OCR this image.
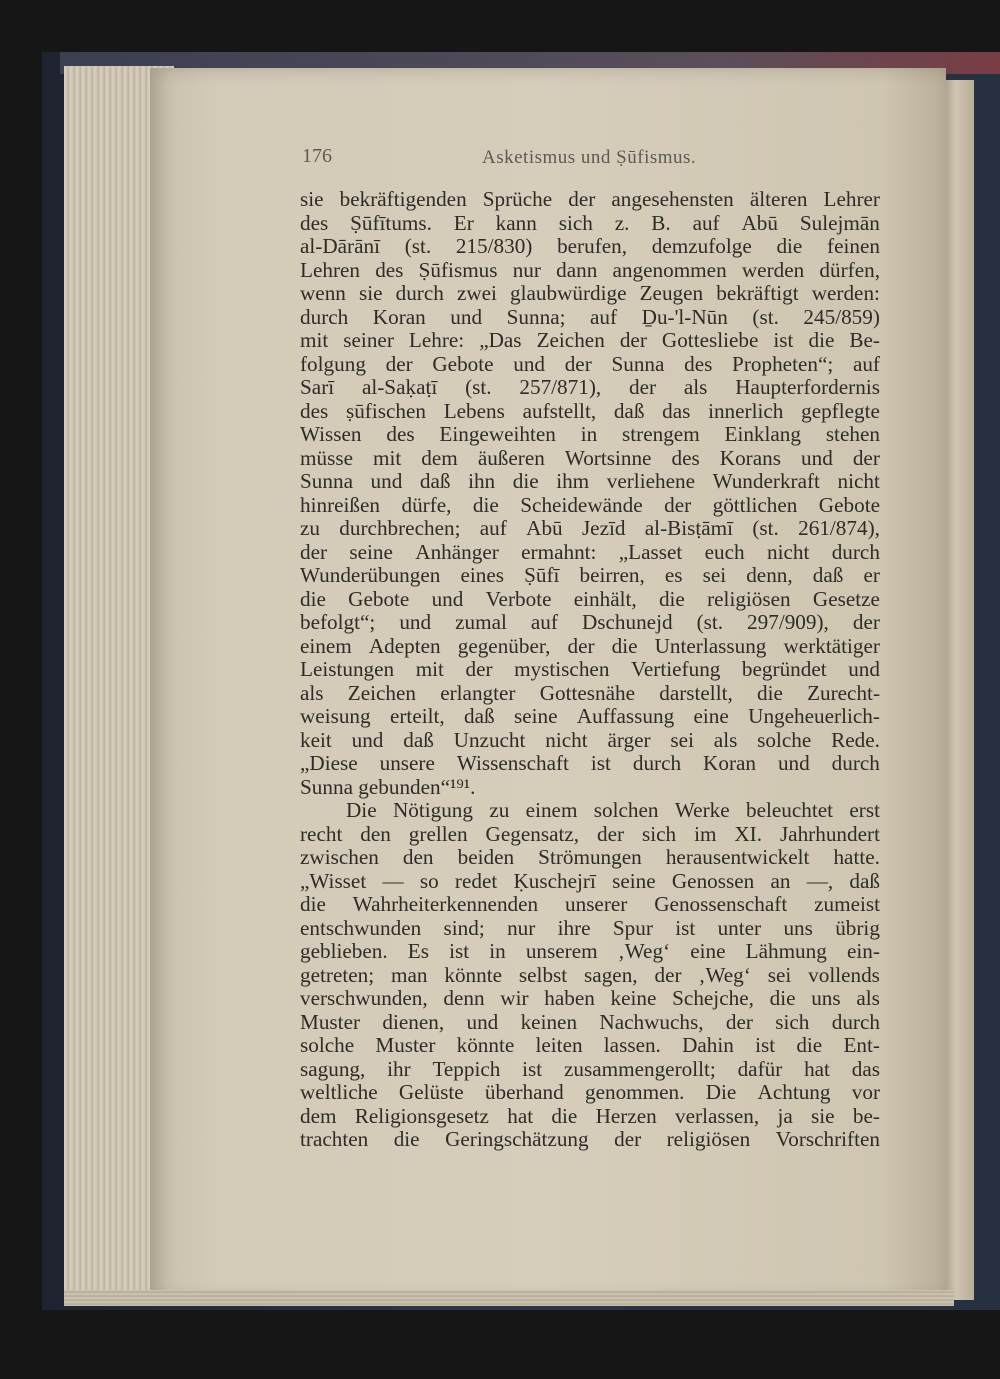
176	Asketismus und Ṣūfismus.
sie bekräftigenden Sprüche der angesehensten älteren Lehrer
des Ṣūfītums. Er kann sich z. B. auf Abū Sulejmān
al-Dārānī (st. 215/830) berufen, demzufolge die feinen
Lehren des Ṣūfismus nur dann angenommen werden dürfen,
wenn sie durch zwei glaubwürdige Zeugen bekräftigt werden:
durch Koran und Sunna; auf Ḏu-'l-Nūn (st. 245/859)
mit seiner Lehre: „Das Zeichen der Gottesliebe ist die Be-
folgung der Gebote und der Sunna des Propheten“; auf
Sarī al-Saḳaṭī (st. 257/871), der als Haupterfordernis
des ṣūfischen Lebens aufstellt, daß das innerlich gepflegte
Wissen des Eingeweihten in strengem Einklang stehen
müsse mit dem äußeren Wortsinne des Korans und der
Sunna und daß ihn die ihm verliehene Wunderkraft nicht
hinreißen dürfe, die Scheidewände der göttlichen Gebote
zu durchbrechen; auf Abū Jezīd al-Bisṭāmī (st. 261/874),
der seine Anhänger ermahnt: „Lasset euch nicht durch
Wunderübungen eines Ṣūfī beirren, es sei denn, daß er
die Gebote und Verbote einhält, die religiösen Gesetze
befolgt“; und zumal auf Dschunejd (st. 297/909), der
einem Adepten gegenüber, der die Unterlassung werktätiger
Leistungen mit der mystischen Vertiefung begründet und
als Zeichen erlangter Gottesnähe darstellt, die Zurecht-
weisung erteilt, daß seine Auffassung eine Ungeheuerlich-
keit und daß Unzucht nicht ärger sei als solche Rede.
„Diese unsere Wissenschaft ist durch Koran und durch
Sunna gebunden“¹⁹¹.
Die Nötigung zu einem solchen Werke beleuchtet erst
recht den grellen Gegensatz, der sich im XI. Jahrhundert
zwischen den beiden Strömungen herausentwickelt hatte.
„Wisset — so redet Ḳuschejrī seine Genossen an —, daß
die Wahrheiterkennenden unserer Genossenschaft zumeist
entschwunden sind; nur ihre Spur ist unter uns übrig
geblieben. Es ist in unserem ‚Weg‘ eine Lähmung ein-
getreten; man könnte selbst sagen, der ‚Weg‘ sei vollends
verschwunden, denn wir haben keine Schejche, die uns als
Muster dienen, und keinen Nachwuchs, der sich durch
solche Muster könnte leiten lassen. Dahin ist die Ent-
sagung, ihr Teppich ist zusammengerollt; dafür hat das
weltliche Gelüste überhand genommen. Die Achtung vor
dem Religionsgesetz hat die Herzen verlassen, ja sie be-
trachten die Geringschätzung der religiösen Vorschriften
